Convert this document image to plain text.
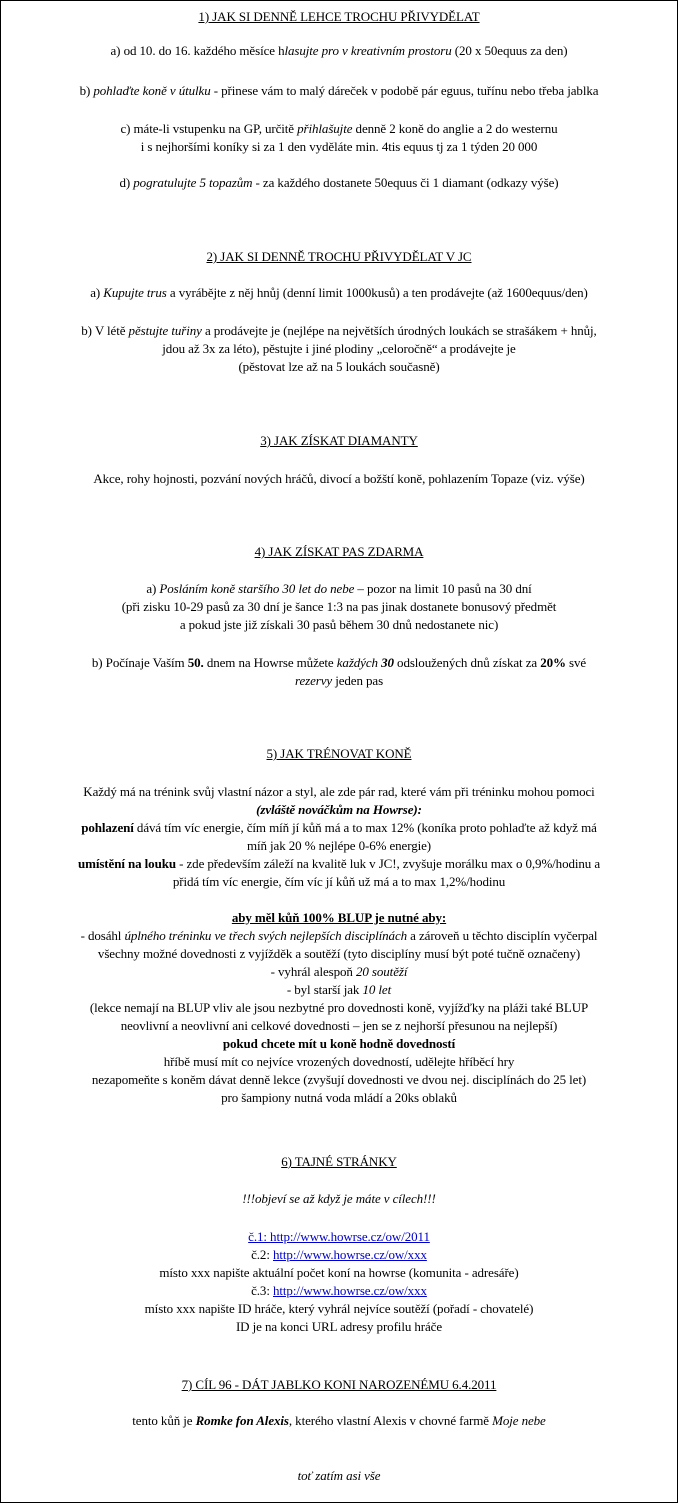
1) JAK SI DENNĚ LEHCE TROCHU PŘIVYDĚLAT
a) od 10. do 16. každého měsíce hlasujte pro v kreativním prostoru (20 x 50equus za den)
b) pohlaďte koně v útulku - přinese vám to malý dáreček v podobě pár eguus, tuřínu nebo třeba jablka
c) máte-li vstupenku na GP, určitě přihlašujte denně 2 koně do anglie a 2 do westernu
i s nejhoršími koníky si za 1 den vyděláte min. 4tis equus tj za 1 týden 20 000
d) pogratulujte 5 topazům - za každého dostanete 50equus či 1 diamant (odkazy výše)
2) JAK SI DENNĚ TROCHU PŘIVYDĚLAT V JC
a) Kupujte trus a vyrábějte z něj hnůj (denní limit 1000kusů) a ten prodávejte (až 1600equus/den)
b) V létě pěstujte tuřiny a prodávejte je (nejlépe na největších úrodných loukách se strašákem + hnůj,
jdou až 3x za léto), pěstujte i jiné plodiny „celoročně“ a prodávejte je
(pěstovat lze až na 5 loukách současně)
3) JAK ZÍSKAT DIAMANTY
Akce, rohy hojnosti, pozvání nových hráčů, divocí a božští koně, pohlazením Topaze (viz. výše)
4) JAK ZÍSKAT PAS ZDARMA
a) Posláním koně staršího 30 let do nebe – pozor na limit 10 pasů na 30 dní
(při zisku 10-29 pasů za 30 dní je šance 1:3 na pas jinak dostanete bonusový předmět
a pokud jste již získali 30 pasů během 30 dnů nedostanete nic)
b) Počínaje Vaším 50. dnem na Howrse můžete každých 30 odsloužených dnů získat za 20% své
rezervy jeden pas
5) JAK TRÉNOVAT KONĚ
Každý má na trénink svůj vlastní názor a styl, ale zde pár rad, které vám při tréninku mohou pomoci
(zvláště nováčkům na Howrse):
pohlazení dává tím víc energie, čím míň jí kůň má a to max 12% (koníka proto pohlaďte až když má
míň jak 20 % nejlépe 0-6% energie)
umístění na louku - zde především záleží na kvalitě luk v JC!, zvyšuje morálku max o 0,9%/hodinu a
přidá tím víc energie, čím víc jí kůň už má a to max 1,2%/hodinu
aby měl kůň 100% BLUP je nutné aby:
- dosáhl úplného tréninku ve třech svých nejlepších disciplínách a zároveň u těchto disciplín vyčerpal
všechny možné dovednosti z vyjížděk a soutěží (tyto disciplíny musí být poté tučně označeny)
- vyhrál alespoň 20 soutěží
- byl starší jak 10 let
(lekce nemají na BLUP vliv ale jsou nezbytné pro dovednosti koně, vyjížďky na pláži také BLUP
neovlivní a neovlivní ani celkové dovednosti – jen se z nejhorší přesunou na nejlepší)
pokud chcete mít u koně hodně dovedností
hříbě musí mít co nejvíce vrozených dovedností, udělejte hříběcí hry
nezapomeňte s koněm dávat denně lekce (zvyšují dovednosti ve dvou nej. disciplínách do 25 let)
pro šampiony nutná voda mládí a 20ks oblaků
6) TAJNÉ STRÁNKY
!!!objeví se až když je máte v cílech!!!
č.1: http://www.howrse.cz/ow/2011
č.2: http://www.howrse.cz/ow/xxx
místo xxx napište aktuální počet koní na howrse (komunita - adresáře)
č.3: http://www.howrse.cz/ow/xxx
místo xxx napište ID hráče, který vyhrál nejvíce soutěží (pořadí - chovatelé)
ID je na konci URL adresy profilu hráče
7) CÍL 96 - DÁT JABLKO KONI NAROZENÉMU 6.4.2011
tento kůň je Romke fon Alexis, kterého vlastní Alexis v chovné farmě Moje nebe
toť zatím asi vše
